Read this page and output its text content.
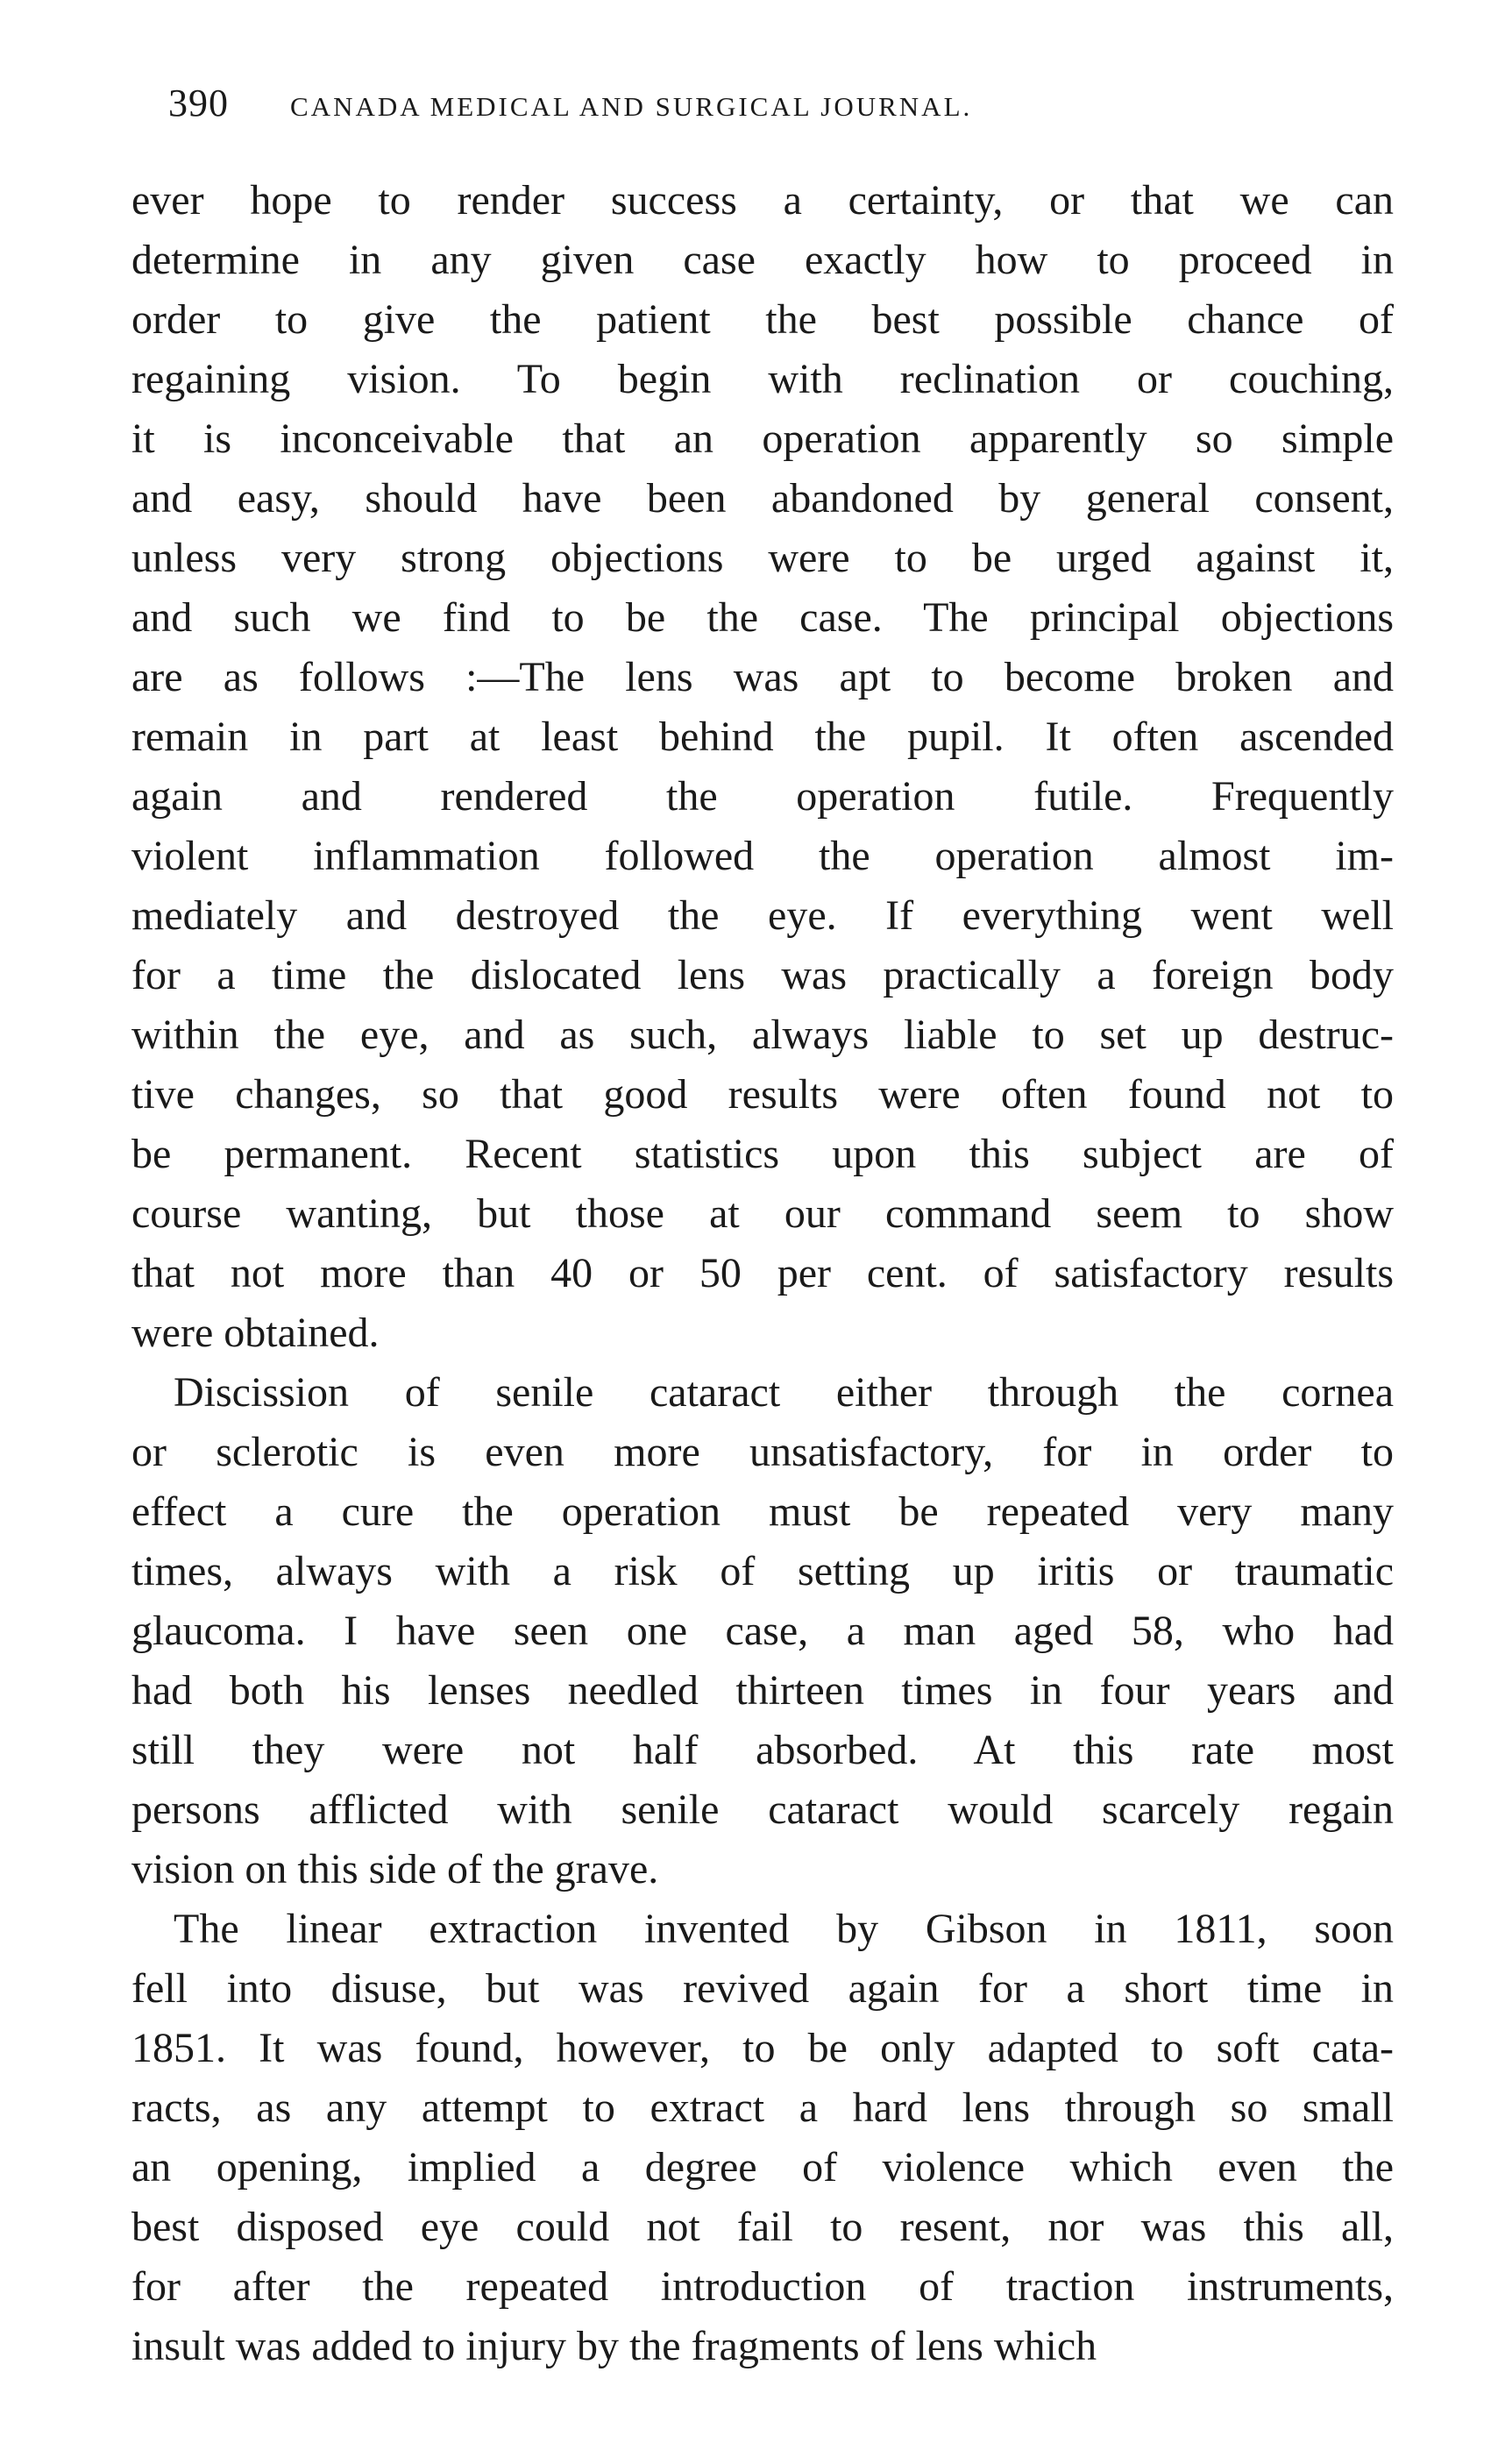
390 CANADA MEDICAL AND SURGICAL JOURNAL.
ever hope to render success a certainty, or that we can
determine in any given case exactly how to proceed in
order to give the patient the best possible chance of
regaining vision. To begin with reclination or couching,
it is inconceivable that an operation apparently so simple
and easy, should have been abandoned by general consent,
unless very strong objections were to be urged against it,
and such we find to be the case. The principal objections
are as follows :—The lens was apt to become broken and
remain in part at least behind the pupil. It often ascended
again and rendered the operation futile. Frequently
violent inflammation followed the operation almost im-
mediately and destroyed the eye. If everything went well
for a time the dislocated lens was practically a foreign body
within the eye, and as such, always liable to set up destruc-
tive changes, so that good results were often found not to
be permanent. Recent statistics upon this subject are of
course wanting, but those at our command seem to show
that not more than 40 or 50 per cent. of satisfactory results
were obtained.
Discission of senile cataract either through the cornea
or sclerotic is even more unsatisfactory, for in order to
effect a cure the operation must be repeated very many
times, always with a risk of setting up iritis or traumatic
glaucoma. I have seen one case, a man aged 58, who had
had both his lenses needled thirteen times in four years and
still they were not half absorbed. At this rate most
persons afflicted with senile cataract would scarcely regain
vision on this side of the grave.
The linear extraction invented by Gibson in 1811, soon
fell into disuse, but was revived again for a short time in
1851. It was found, however, to be only adapted to soft cata-
racts, as any attempt to extract a hard lens through so small
an opening, implied a degree of violence which even the
best disposed eye could not fail to resent, nor was this all,
for after the repeated introduction of traction instruments,
insult was added to injury by the fragments of lens which
